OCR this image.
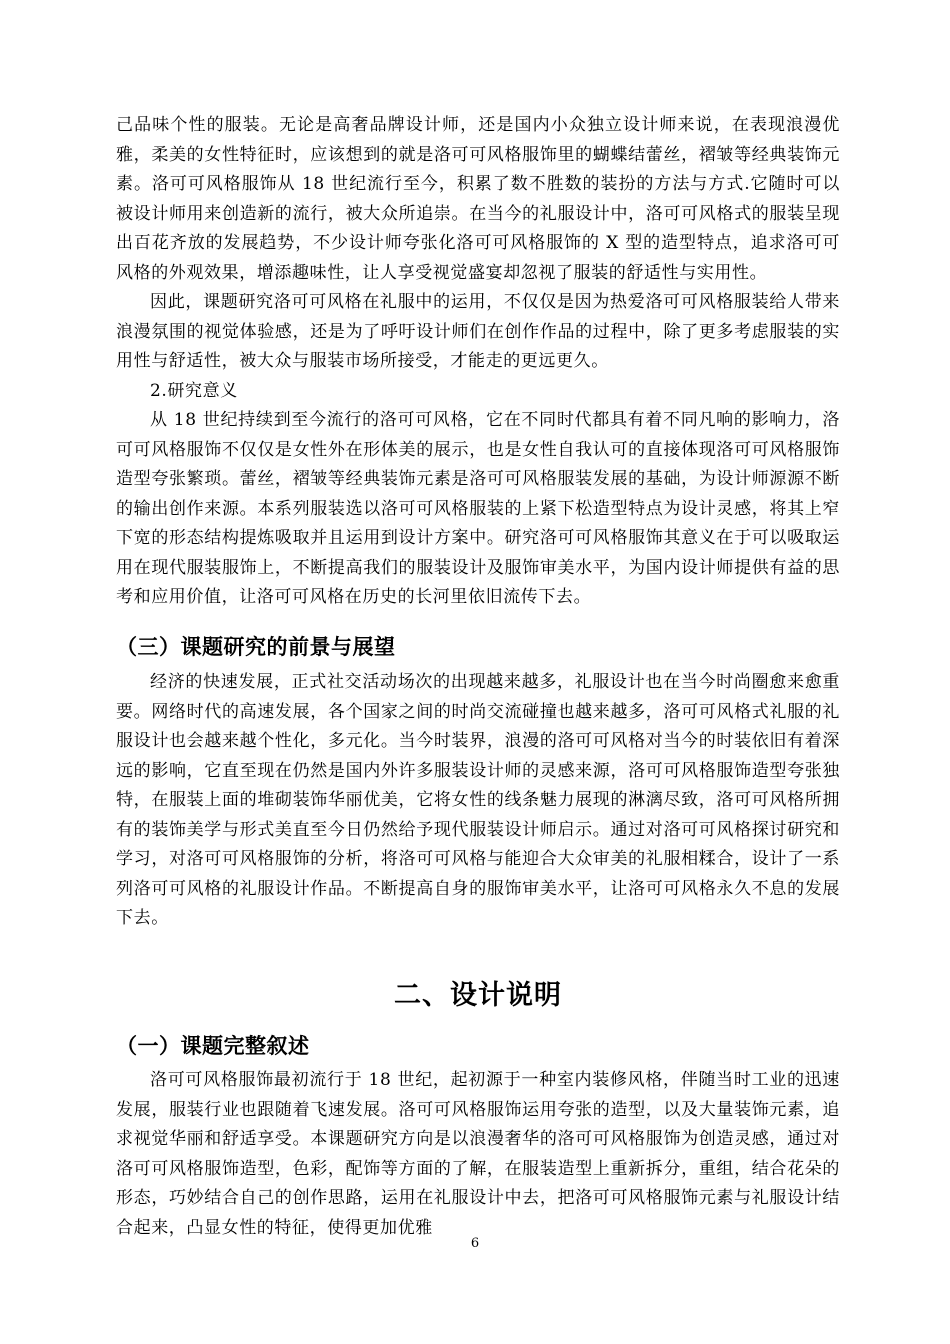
己品味个性的服装。无论是高奢品牌设计师，还是国内小众独立设计师来说，在表现浪漫优雅，柔美的女性特征时，应该想到的就是洛可可风格服饰里的蝴蝶结蕾丝，褶皱等经典装饰元素。洛可可风格服饰从 18 世纪流行至今，积累了数不胜数的装扮的方法与方式.它随时可以被设计师用来创造新的流行，被大众所追崇。在当今的礼服设计中，洛可可风格式的服装呈现出百花齐放的发展趋势，不少设计师夸张化洛可可风格服饰的 X 型的造型特点，追求洛可可风格的外观效果，增添趣味性，让人享受视觉盛宴却忽视了服装的舒适性与实用性。

因此，课题研究洛可可风格在礼服中的运用，不仅仅是因为热爱洛可可风格服装给人带来浪漫氛围的视觉体验感，还是为了呼吁设计师们在创作作品的过程中，除了更多考虑服装的实用性与舒适性，被大众与服装市场所接受，才能走的更远更久。

2.研究意义

从 18 世纪持续到至今流行的洛可可风格，它在不同时代都具有着不同凡响的影响力，洛可可风格服饰不仅仅是女性外在形体美的展示，也是女性自我认可的直接体现洛可可风格服饰造型夸张繁琐。蕾丝，褶皱等经典装饰元素是洛可可风格服装发展的基础，为设计师源源不断的输出创作来源。本系列服装选以洛可可风格服装的上紧下松造型特点为设计灵感，将其上窄下宽的形态结构提炼吸取并且运用到设计方案中。研究洛可可风格服饰其意义在于可以吸取运用在现代服装服饰上，不断提高我们的服装设计及服饰审美水平，为国内设计师提供有益的思考和应用价值，让洛可可风格在历史的长河里依旧流传下去。

（三）课题研究的前景与展望

经济的快速发展，正式社交活动场次的出现越来越多，礼服设计也在当今时尚圈愈来愈重要。网络时代的高速发展，各个国家之间的时尚交流碰撞也越来越多，洛可可风格式礼服的礼服设计也会越来越个性化，多元化。当今时装界，浪漫的洛可可风格对当今的时装依旧有着深远的影响，它直至现在仍然是国内外许多服装设计师的灵感来源，洛可可风格服饰造型夸张独特，在服装上面的堆砌装饰华丽优美，它将女性的线条魅力展现的淋漓尽致，洛可可风格所拥有的装饰美学与形式美直至今日仍然给予现代服装设计师启示。通过对洛可可风格探讨研究和学习，对洛可可风格服饰的分析，将洛可可风格与能迎合大众审美的礼服相糅合，设计了一系列洛可可风格的礼服设计作品。不断提高自身的服饰审美水平，让洛可可风格永久不息的发展下去。

二、设计说明
（一）课题完整叙述

洛可可风格服饰最初流行于 18 世纪，起初源于一种室内装修风格，伴随当时工业的迅速发展，服装行业也跟随着飞速发展。洛可可风格服饰运用夸张的造型，以及大量装饰元素，追求视觉华丽和舒适享受。本课题研究方向是以浪漫奢华的洛可可风格服饰为创造灵感，通过对洛可可风格服饰造型，色彩，配饰等方面的了解，在服装造型上重新拆分，重组，结合花朵的形态，巧妙结合自己的创作思路，运用在礼服设计中去，把洛可可风格服饰元素与礼服设计结合起来，凸显女性的特征，使得更加优雅

6
